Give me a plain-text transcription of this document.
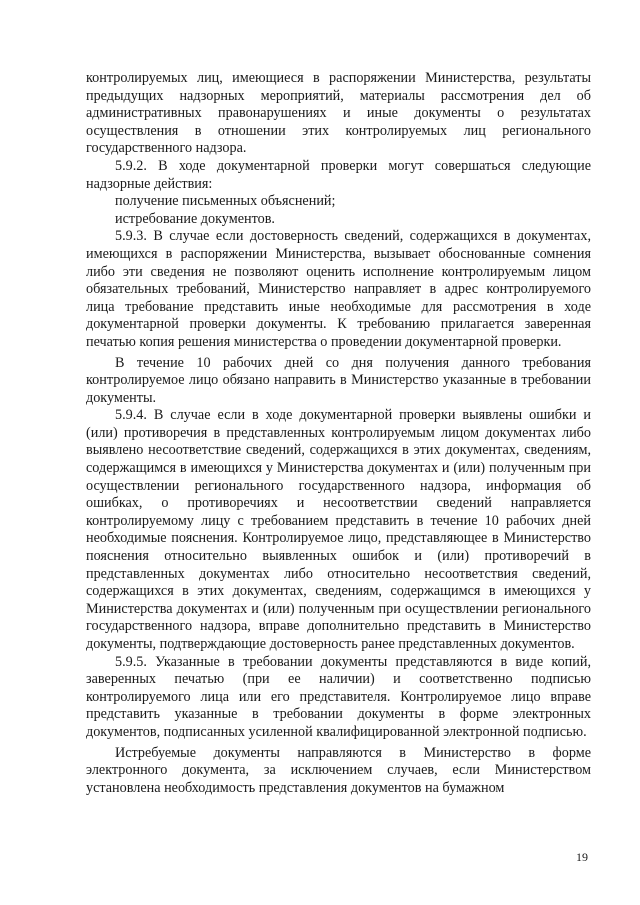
контролируемых лиц, имеющиеся в распоряжении Министерства, результаты предыдущих надзорных мероприятий, материалы рассмотрения дел об административных правонарушениях и иные документы о результатах осуществления в отношении этих контролируемых лиц регионального государственного надзора.

5.9.2. В ходе документарной проверки могут совершаться следующие надзорные действия:

получение письменных объяснений;

истребование документов.

5.9.3. В случае если достоверность сведений, содержащихся в документах, имеющихся в распоряжении Министерства, вызывает обоснованные сомнения либо эти сведения не позволяют оценить исполнение контролируемым лицом обязательных требований, Министерство направляет в адрес контролируемого лица требование представить иные необходимые для рассмотрения в ходе документарной проверки документы. К требованию прилагается заверенная печатью копия решения министерства о проведении документарной проверки.

В течение 10 рабочих дней со дня получения данного требования контролируемое лицо обязано направить в Министерство указанные в требовании документы.

5.9.4. В случае если в ходе документарной проверки выявлены ошибки и (или) противоречия в представленных контролируемым лицом документах либо выявлено несоответствие сведений, содержащихся в этих документах, сведениям, содержащимся в имеющихся у Министерства документах и (или) полученным при осуществлении регионального государственного надзора, информация об ошибках, о противоречиях и несоответствии сведений направляется контролируемому лицу с требованием представить в течение 10 рабочих дней необходимые пояснения. Контролируемое лицо, представляющее в Министерство пояснения относительно выявленных ошибок и (или) противоречий в представленных документах либо относительно несоответствия сведений, содержащихся в этих документах, сведениям, содержащимся в имеющихся у Министерства документах и (или) полученным при осуществлении регионального государственного надзора, вправе дополнительно представить в Министерство документы, подтверждающие достоверность ранее представленных документов.

5.9.5. Указанные в требовании документы представляются в виде копий, заверенных печатью (при ее наличии) и соответственно подписью контролируемого лица или его представителя. Контролируемое лицо вправе представить указанные в требовании документы в форме электронных документов, подписанных усиленной квалифицированной электронной подписью.

Истребуемые документы направляются в Министерство в форме электронного документа, за исключением случаев, если Министерством установлена необходимость представления документов на бумажном

19
